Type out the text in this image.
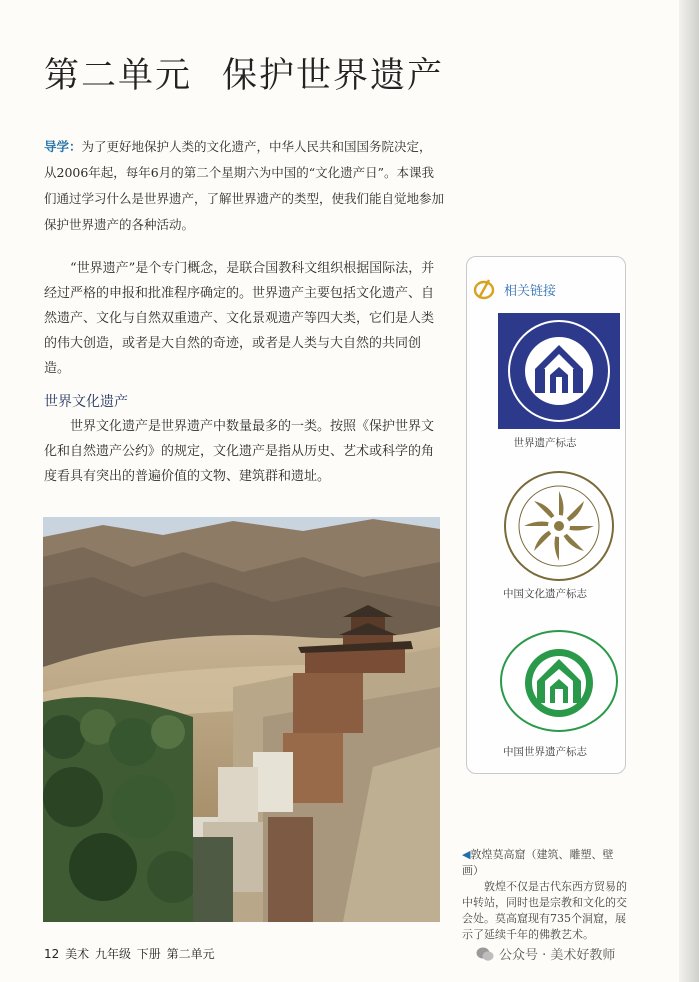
第二单元 保护世界遗产
导学：为了更好地保护人类的文化遗产，中华人民共和国国务院决定，从2006年起，每年6月的第二个星期六为中国的“文化遗产日”。本课我们通过学习什么是世界遗产，了解世界遗产的类型，使我们能自觉地参加保护世界遗产的各种活动。
“世界遗产”是个专门概念，是联合国教科文组织根据国际法，并经过严格的申报和批准程序确定的。世界遗产主要包括文化遗产、自然遗产、文化与自然双重遗产、文化景观遗产等四大类，它们是人类的伟大创造，或者是大自然的奇迹，或者是人类与大自然的共同创造。
世界文化遗产
世界文化遗产是世界遗产中数量最多的一类。按照《保护世界文化和自然遗产公约》的规定，文化遗产是指从历史、艺术或科学的角度看具有突出的普遍价值的文物、建筑群和遗址。
◀敦煌莫高窟（建筑、雕塑、壁画）
敦煌不仅是古代东西方贸易的中转站，同时也是宗教和文化的交会处。莫高窟现有735个洞窟，展示了延续千年的佛教艺术。
相关链接
世界遗产标志
中国文化遗产标志
中国世界遗产标志
12 美术 九年级 下册 第二单元	公众号 · 美术好教师
